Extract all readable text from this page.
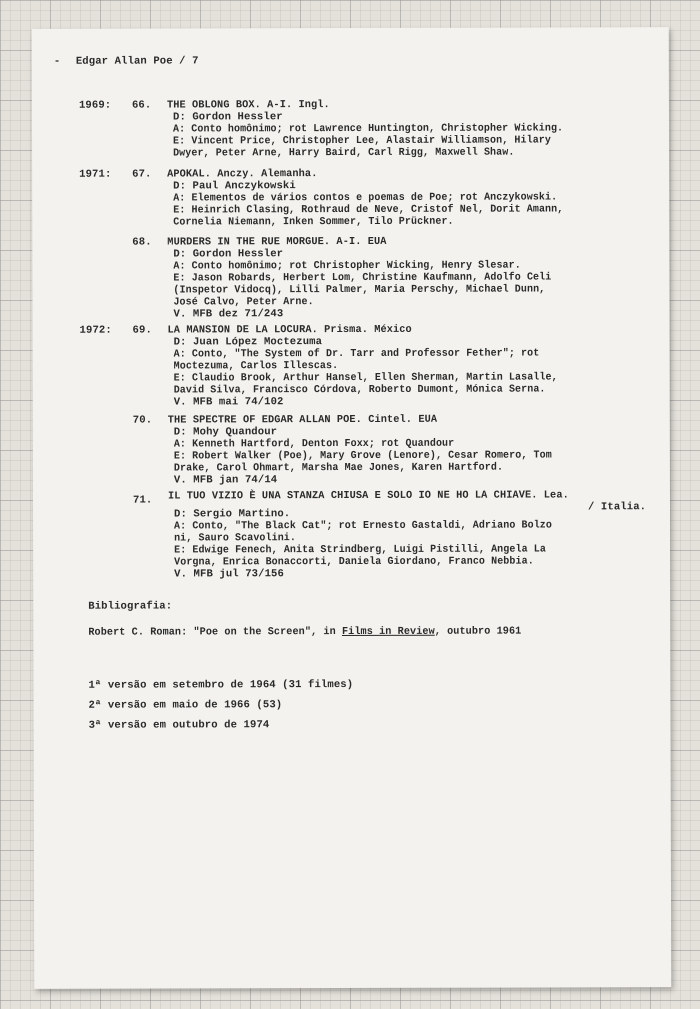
- Edgar Allan Poe / 7
1969: 66. THE OBLONG BOX. A-I. Ingl.
D: Gordon Hessler
A: Conto homônimo; rot Lawrence Huntington, Christopher Wicking.
E: Vincent Price, Christopher Lee, Alastair Williamson, Hilary
Dwyer, Peter Arne, Harry Baird, Carl Rigg, Maxwell Shaw.
1971: 67. APOKAL. Anczy. Alemanha.
D: Paul Anczykowski
A: Elementos de vários contos e poemas de Poe; rot Anczykowski.
E: Heinrich Clasing, Rothraud de Neve, Cristof Nel, Dorit Amann,
Cornelia Niemann, Inken Sommer, Tilo Prückner.
68. MURDERS IN THE RUE MORGUE. A-I. EUA
D: Gordon Hessler
A: Conto homônimo; rot Christopher Wicking, Henry Slesar.
E: Jason Robards, Herbert Lom, Christine Kaufmann, Adolfo Celi
(Inspetor Vidocq), Lilli Palmer, Maria Perschy, Michael Dunn,
José Calvo, Peter Arne.
V. MFB dez 71/243
1972: 69. LA MANSION DE LA LOCURA. Prisma. México
D: Juan López Moctezuma
A: Conto, "The System of Dr. Tarr and Professor Fether"; rot
Moctezuma, Carlos Illescas.
E: Claudio Brook, Arthur Hansel, Ellen Sherman, Martin Lasalle,
David Silva, Francisco Córdova, Roberto Dumont, Mónica Serna.
V. MFB mai 74/102
70. THE SPECTRE OF EDGAR ALLAN POE. Cintel. EUA
D: Mohy Quandour
A: Kenneth Hartford, Denton Foxx; rot Quandour
E: Robert Walker (Poe), Mary Grove (Lenore), Cesar Romero, Tom
Drake, Carol Ohmart, Marsha Mae Jones, Karen Hartford.
V. MFB jan 74/14
71. IL TUO VIZIO È UNA STANZA CHIUSA E SOLO IO NE HO LA CHIAVE. Lea.
/ Italia.
D: Sergio Martino.
A: Conto, "The Black Cat"; rot Ernesto Gastaldi, Adriano Bolzo
ni, Sauro Scavolini.
E: Edwige Fenech, Anita Strindberg, Luigi Pistilli, Angela La
Vorgna, Enrica Bonaccorti, Daniela Giordano, Franco Nebbia.
V. MFB jul 73/156
Bibliografia:
Robert C. Roman: "Poe on the Screen", in Films in Review, outubro 1961
1ª versão em setembro de 1964 (31 filmes)
2ª versão em maio de 1966 (53)
3ª versão em outubro de 1974
